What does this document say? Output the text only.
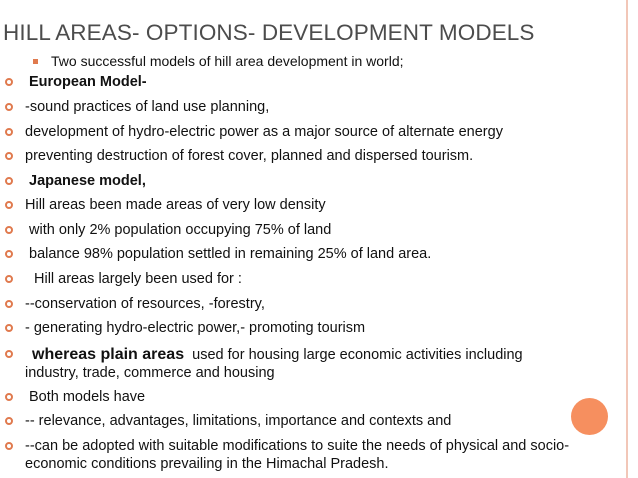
HILL AREAS- OPTIONS- DEVELOPMENT MODELS
Two successful models of hill area development in world;
European Model-
-sound practices of land use planning,
development of hydro-electric power as a major source of alternate energy
preventing destruction of forest cover, planned and dispersed tourism.
Japanese model,
Hill areas been made areas of very low density
with only 2% population occupying 75% of land
balance 98% population settled in remaining 25% of land area.
Hill areas largely been used for :
--conservation of resources, -forestry,
- generating hydro-electric power,- promoting tourism
whereas plain areas used for housing large economic activities including
industry, trade, commerce and housing
Both models have
-- relevance, advantages, limitations, importance and contexts and
--can be adopted with suitable modifications to suite the needs of physical and socio-
economic conditions prevailing in the Himachal Pradesh.
